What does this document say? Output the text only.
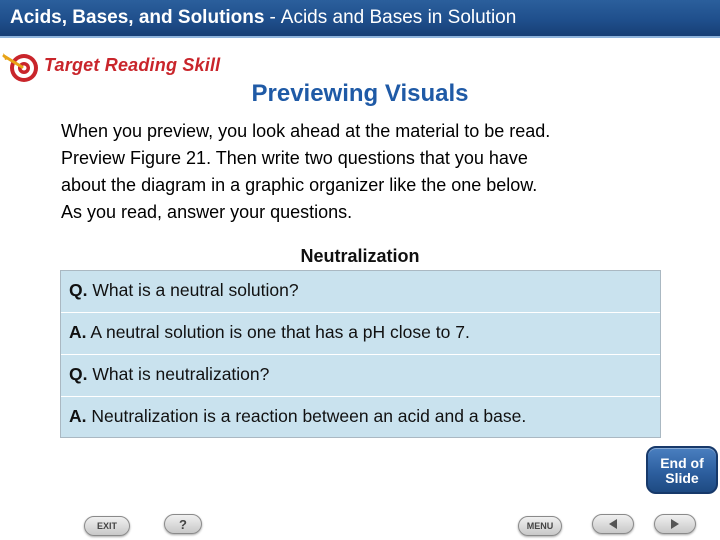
Acids, Bases, and Solutions - Acids and Bases in Solution
Target Reading Skill
Previewing Visuals
When you preview, you look ahead at the material to be read.
Preview Figure 21. Then write two questions that you have
about the diagram in a graphic organizer like the one below.
As you read, answer your questions.
Neutralization
Q. What is a neutral solution?
A. A neutral solution is one that has a pH close to 7.
Q. What is neutralization?
A. Neutralization is a reaction between an acid and a base.
End of
Slide
EXIT	?	MENU
